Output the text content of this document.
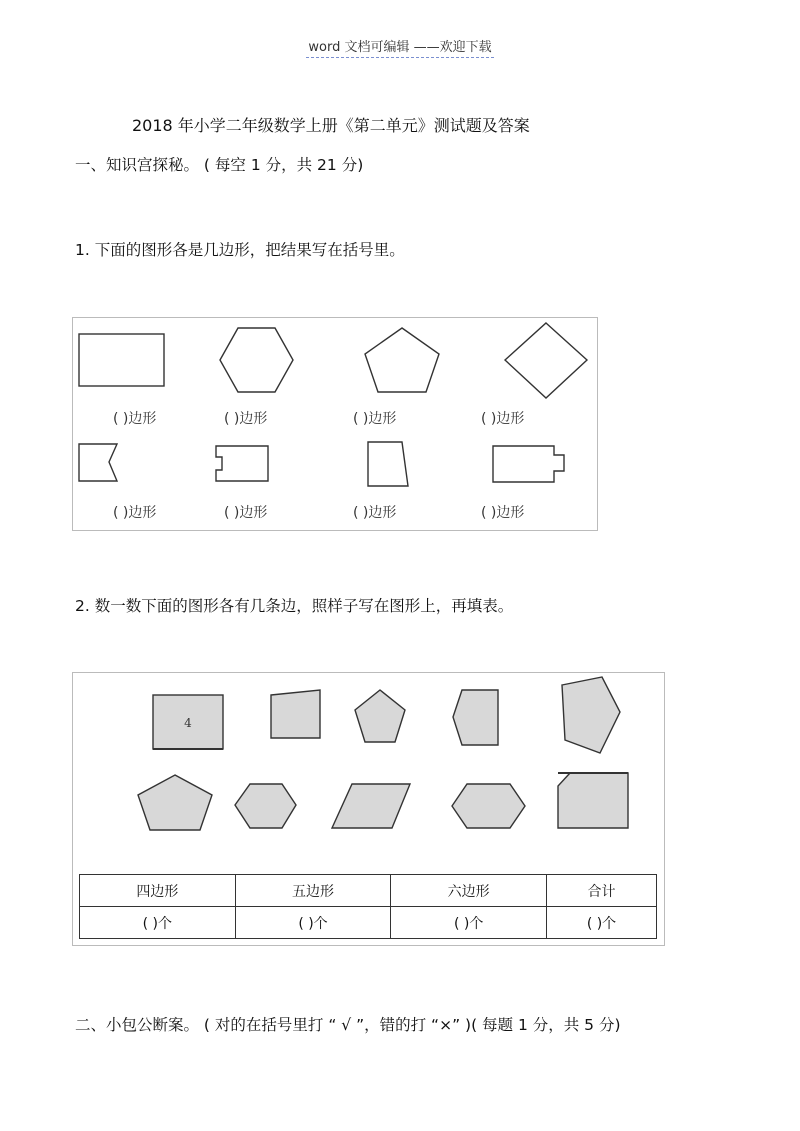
word 文档可编辑 ——欢迎下载
2018 年小学二年级数学上册《第二单元》测试题及答案
一、知识宫探秘。 ( 每空 1 分，共 21 分)
1. 下面的图形各是几边形，把结果写在括号里。
( )边形	( )边形	( )边形	( )边形
( )边形	( )边形	( )边形	( )边形
2. 数一数下面的图形各有几条边，照样子写在图形上，再填表。
4
四边形	五边形	六边形	合计
( )个	( )个	( )个	( )个
二、小包公断案。 ( 对的在括号里打 “ √ ”，错的打 “×” )( 每题 1 分，共 5 分)
